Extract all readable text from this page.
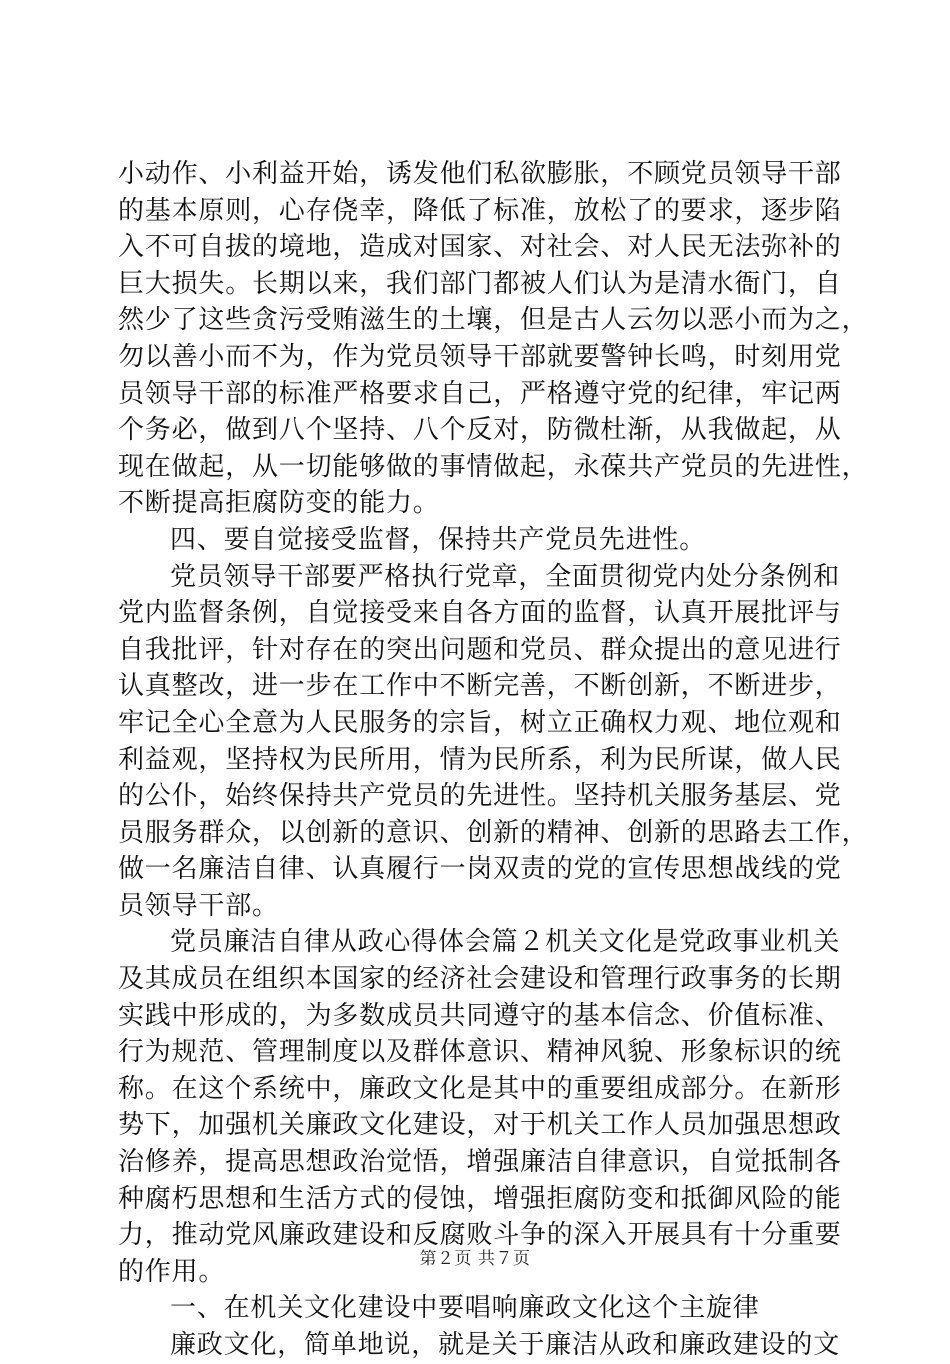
小动作、小利益开始，诱发他们私欲膨胀，不顾党员领导干部
的基本原则，心存侥幸，降低了标准，放松了的要求，逐步陷
入不可自拔的境地，造成对国家、对社会、对人民无法弥补的
巨大损失。长期以来，我们部门都被人们认为是清水衙门，自
然少了这些贪污受贿滋生的土壤，但是古人云勿以恶小而为之，
勿以善小而不为，作为党员领导干部就要警钟长鸣，时刻用党
员领导干部的标准严格要求自己，严格遵守党的纪律，牢记两
个务必，做到八个坚持、八个反对，防微杜渐，从我做起，从
现在做起，从一切能够做的事情做起，永葆共产党员的先进性，
不断提高拒腐防变的能力。
四、要自觉接受监督，保持共产党员先进性。
党员领导干部要严格执行党章，全面贯彻党内处分条例和
党内监督条例，自觉接受来自各方面的监督，认真开展批评与
自我批评，针对存在的突出问题和党员、群众提出的意见进行
认真整改，进一步在工作中不断完善，不断创新，不断进步，
牢记全心全意为人民服务的宗旨，树立正确权力观、地位观和
利益观，坚持权为民所用，情为民所系，利为民所谋，做人民
的公仆，始终保持共产党员的先进性。坚持机关服务基层、党
员服务群众，以创新的意识、创新的精神、创新的思路去工作，
做一名廉洁自律、认真履行一岗双责的党的宣传思想战线的党
员领导干部。
党员廉洁自律从政心得体会篇２机关文化是党政事业机关
及其成员在组织本国家的经济社会建设和管理行政事务的长期
实践中形成的，为多数成员共同遵守的基本信念、价值标准、
行为规范、管理制度以及群体意识、精神风貌、形象标识的统
称。在这个系统中，廉政文化是其中的重要组成部分。在新形
势下，加强机关廉政文化建设，对于机关工作人员加强思想政
治修养，提高思想政治觉悟，增强廉洁自律意识，自觉抵制各
种腐朽思想和生活方式的侵蚀，增强拒腐防变和抵御风险的能
力，推动党风廉政建设和反腐败斗争的深入开展具有十分重要
的作用。
一、在机关文化建设中要唱响廉政文化这个主旋律
廉政文化，简单地说，就是关于廉洁从政和廉政建设的文
第２页 共７页
